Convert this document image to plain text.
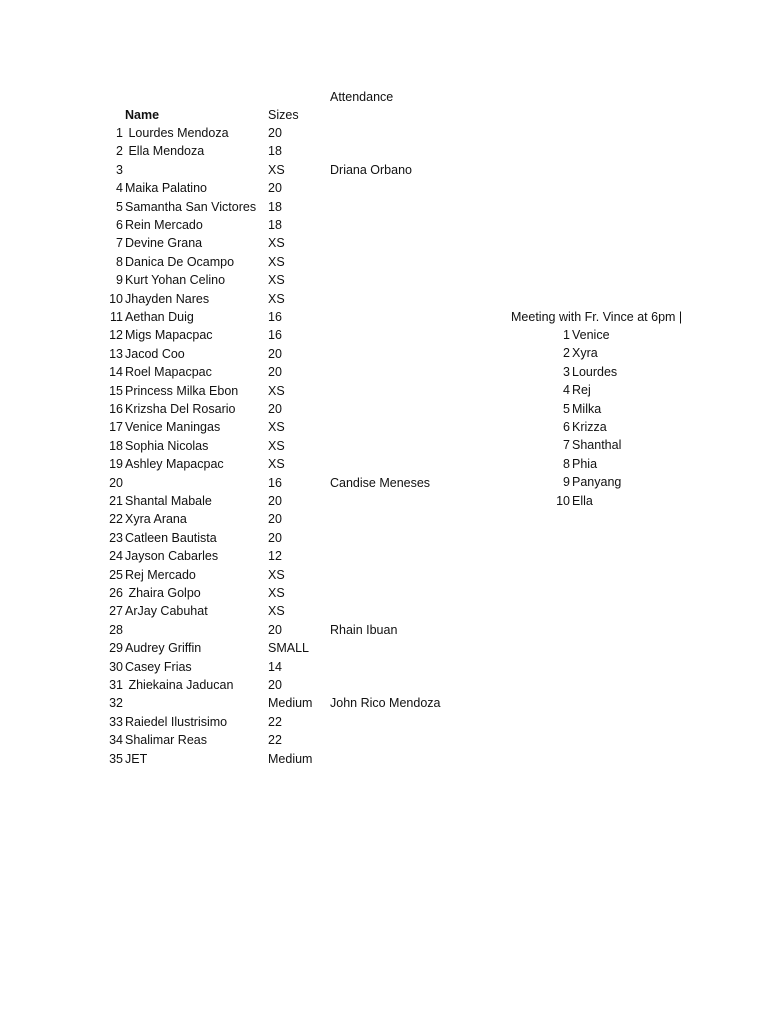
Attendance
Name	Sizes
1 Lourdes Mendoza	20
2 Ella Mendoza	18
3	XS	Driana Orbano
4 Maika Palatino	20
5 Samantha San Victores 18
6 Rein Mercado	18
7 Devine Grana	XS
8 Danica De Ocampo	XS
9 Kurt Yohan Celino	XS
10 Jhayden Nares	XS
11 Aethan Duig	16
12 Migs Mapacpac	16
13 Jacod Coo	20
14 Roel Mapacpac	20
15 Princess Milka Ebon XS
16 Krizsha Del Rosario	20
17 Venice Maningas	XS
18 Sophia Nicolas	XS
19 Ashley Mapacpac	XS
20	16	Candise Meneses
21 Shantal Mabale	20
22 Xyra Arana	20
23 Catleen Bautista	20
24 Jayson Cabarles	12
25 Rej Mercado	XS
26 Zhaira Golpo	XS
27 ArJay Cabuhat	XS
28	20	Rhain Ibuan
29 Audrey Griffin	SMALL
30 Casey Frias	14
31 Zhiekaina Jaducan	20
32	Medium John Rico Mendoza
33 Raiedel Ilustrisimo	22
34 Shalimar Reas	22
35 JET	Medium
Meeting with Fr. Vince at 6pm |
1 Venice
2 Xyra
3 Lourdes
4 Rej
5 Milka
6 Krizza
7 Shanthal
8 Phia
9 Panyang
10 Ella
